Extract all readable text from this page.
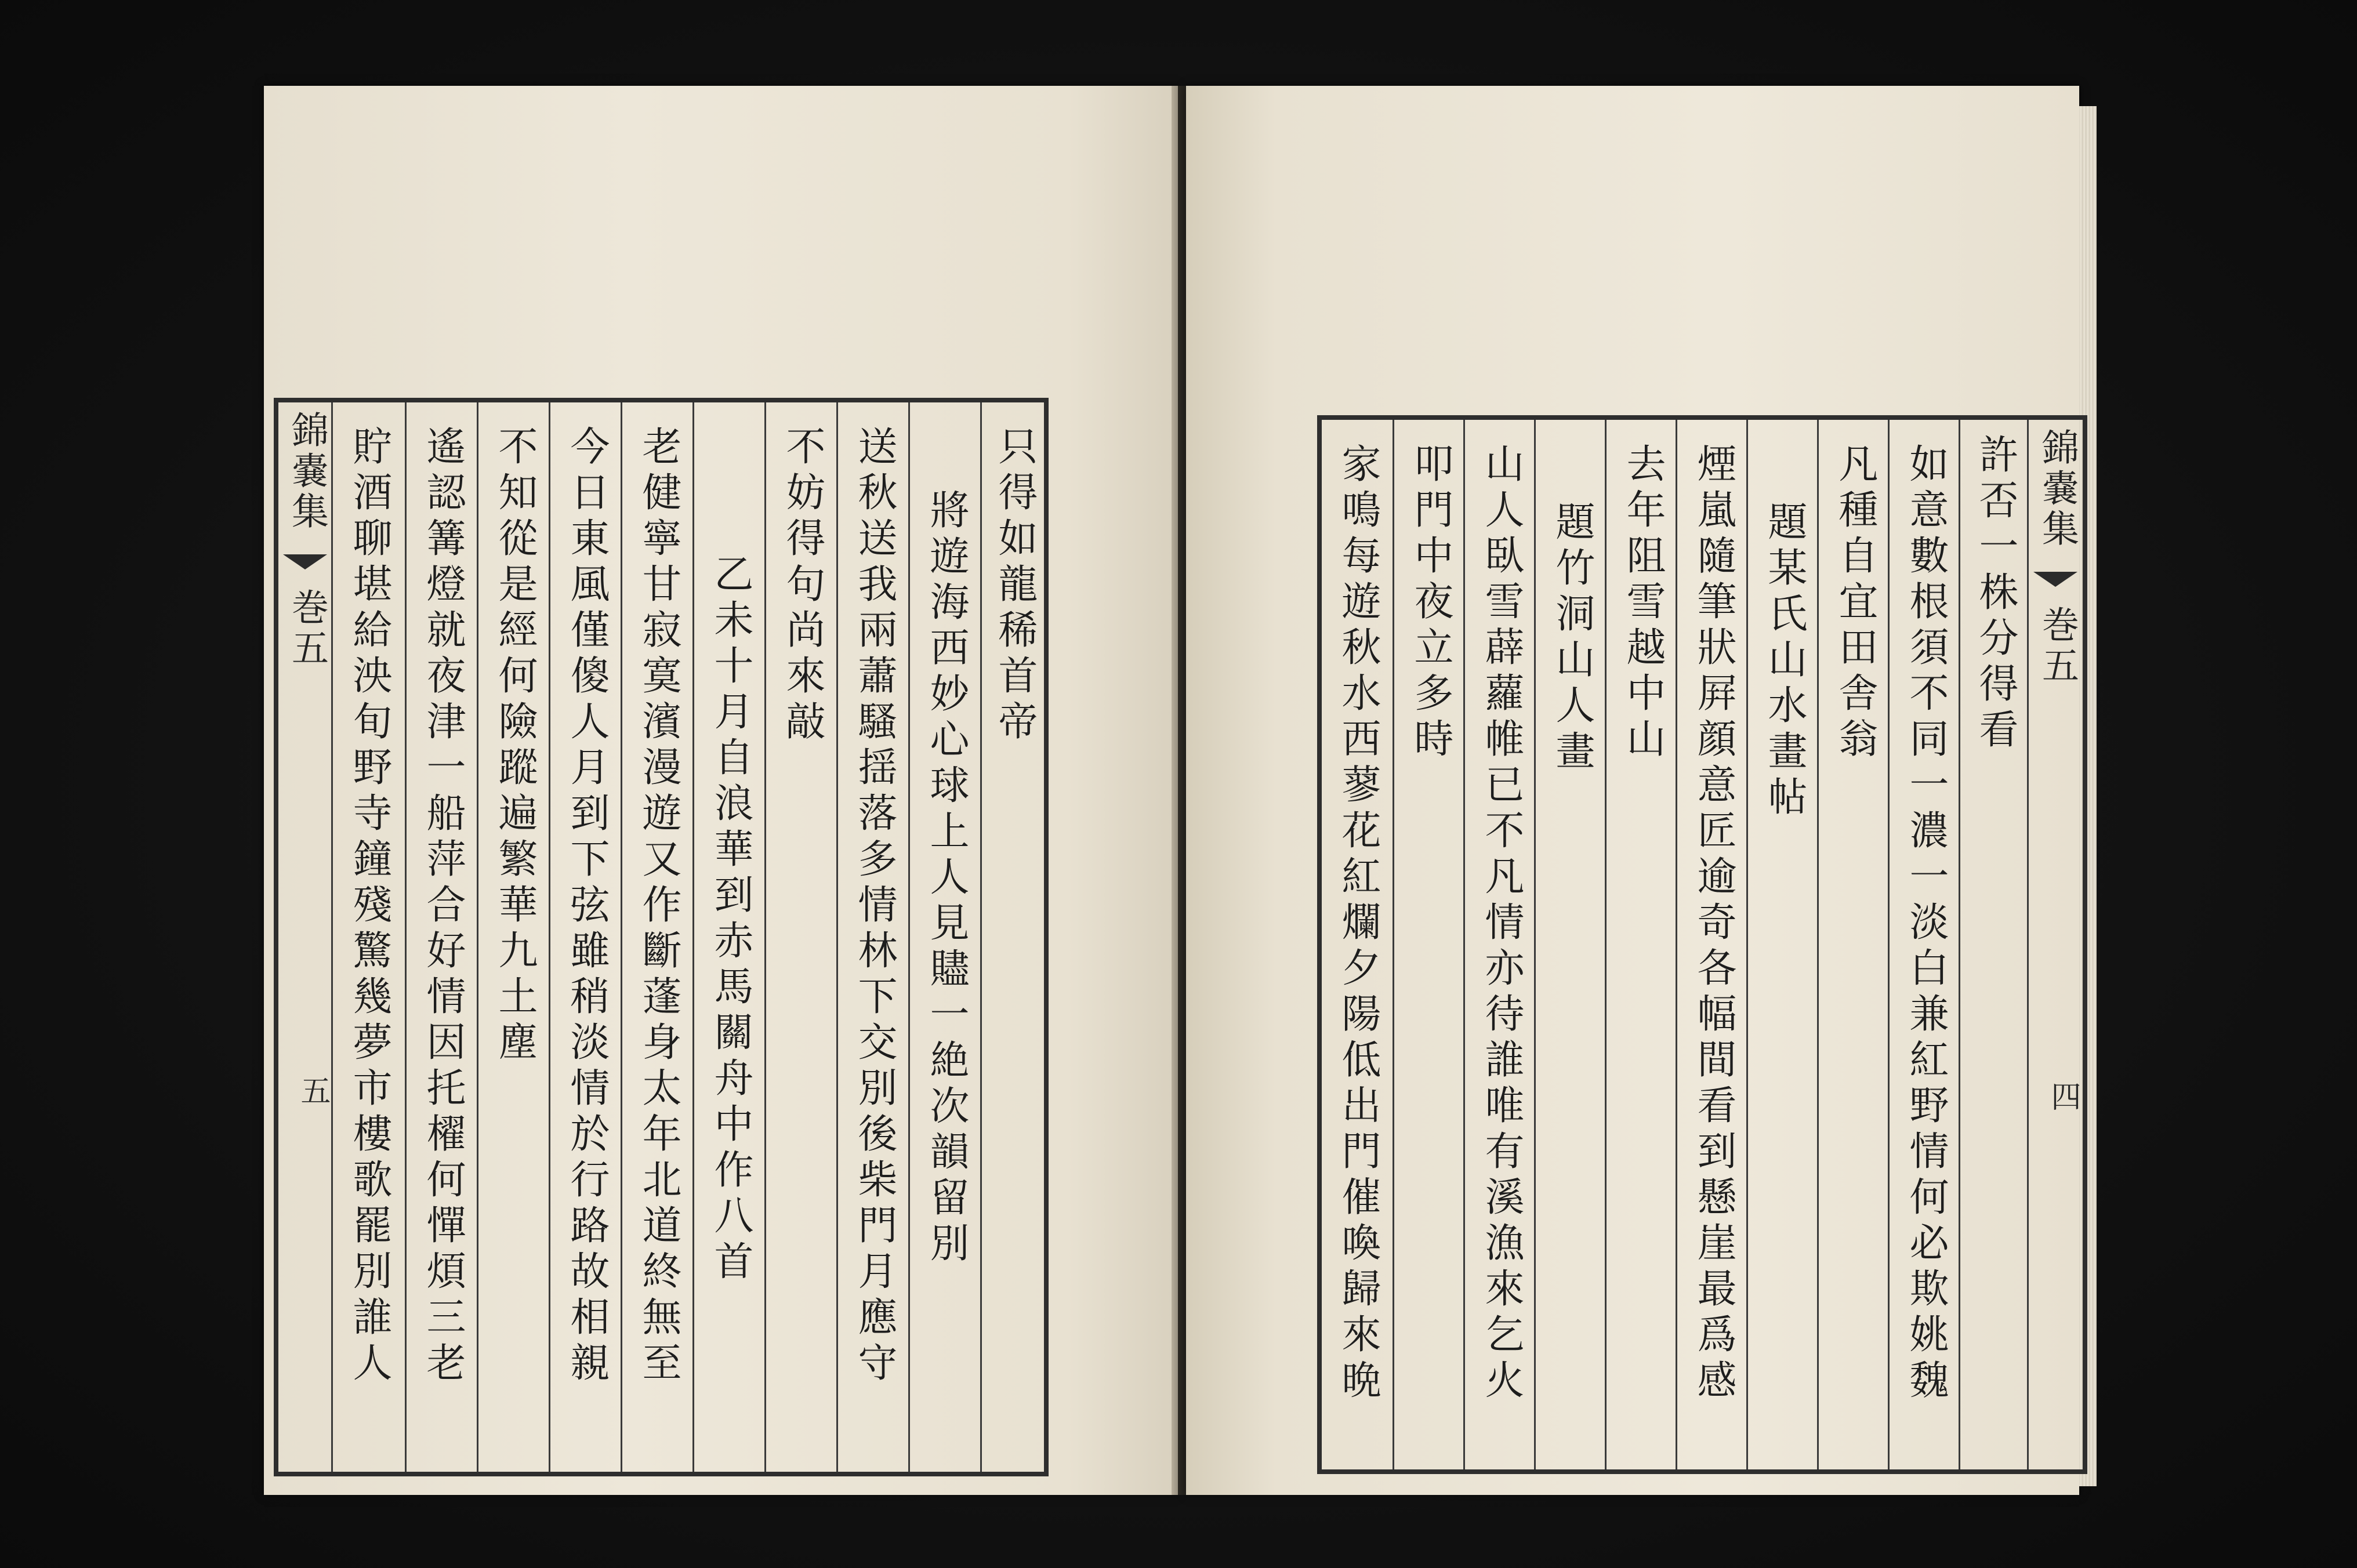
錦嚢集
巻五
五 貯酒聊堪給泱旬野寺鐘殘驚幾夢市樓歌罷別誰人 遙認篝燈就夜津一船萍合好情因托櫂何憚煩三老 不知從是經何險蹤遍繁華九土塵 今日東風僅傻人月到下弦雖稍淡情於行路故相親 老健寧甘寂寞濱漫遊又作斷蓬身太年北道終無至 乙未十月自浪華到赤馬關舟中作八首 不妨得句尚來敲 送秋送我兩蕭騷揺落多情林下交別後柴門月應守 將遊海西妙心球上人見贐一絶次韻留別 只得如龍稀首帝	家鳴每遊秋水西蓼花紅爛夕陽低出門催喚歸來晩 叩門中夜立多時 山人臥雪薜蘿帷已不凡情亦待誰唯有溪漁來乞火 題竹洞山人畫 去年阻雪越中山 煙嵐隨筆狀屛顔意匠逾奇各幅間看到懸崖最爲感 題某氏山水畫帖 凡種自宜田舎翁 如意數根須不同一濃一淡白兼紅野情何必欺姚魏 許否一株分得看 錦嚢集
巻五
四
